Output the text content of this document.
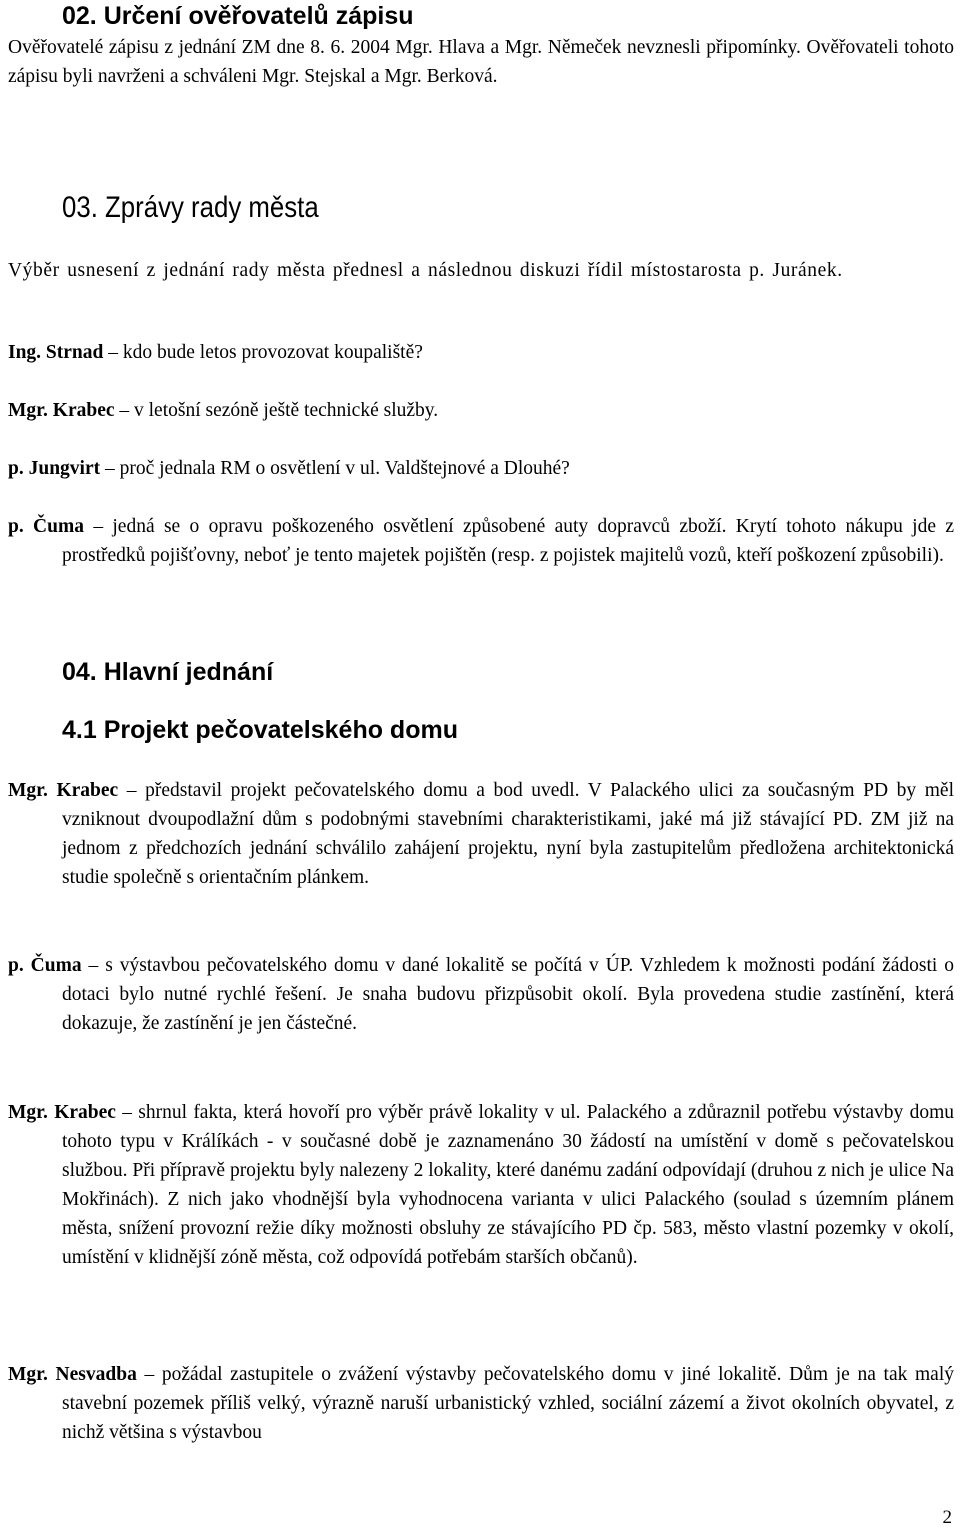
02. Určení ověřovatelů zápisu

Ověřovatelé zápisu z jednání ZM dne 8. 6. 2004 Mgr. Hlava a Mgr. Němeček nevznesli připomínky. Ověřovateli tohoto zápisu byli navrženi a schváleni Mgr. Stejskal a Mgr. Berková.

03. Zprávy rady města

Výběr usnesení z jednání rady města přednesl a následnou diskuzi řídil místostarosta p. Juránek.

Ing. Strnad – kdo bude letos provozovat koupaliště?

Mgr. Krabec – v letošní sezóně ještě technické služby.

p. Jungvirt – proč jednala RM o osvětlení v ul. Valdštejnové a Dlouhé?

p. Čuma – jedná se o opravu poškozeného osvětlení způsobené auty dopravců zboží. Krytí tohoto nákupu jde z prostředků pojišťovny, neboť je tento majetek pojištěn (resp. z pojistek majitelů vozů, kteří poškození způsobili).

04. Hlavní jednání
4.1 Projekt pečovatelského domu

Mgr. Krabec – představil projekt pečovatelského domu a bod uvedl. V Palackého ulici za současným PD by měl vzniknout dvoupodlažní dům s podobnými stavebními charakteristikami, jaké má již stávající PD. ZM již na jednom z předchozích jednání schválilo zahájení projektu, nyní byla zastupitelům předložena architektonická studie společně s orientačním plánkem.

p. Čuma – s výstavbou pečovatelského domu v dané lokalitě se počítá v ÚP. Vzhledem k možnosti podání žádosti o dotaci bylo nutné rychlé řešení. Je snaha budovu přizpůsobit okolí. Byla provedena studie zastínění, která dokazuje, že zastínění je jen částečné.

Mgr. Krabec – shrnul fakta, která hovoří pro výběr právě lokality v ul. Palackého a zdůraznil potřebu výstavby domu tohoto typu v Králíkách - v současné době je zaznamenáno 30 žádostí na umístění v domě s pečovatelskou službou. Při přípravě projektu byly nalezeny 2 lokality, které danému zadání odpovídají (druhou z nich je ulice Na Mokřinách). Z nich jako vhodnější byla vyhodnocena varianta v ulici Palackého (soulad s územním plánem města, snížení provozní režie díky možnosti obsluhy ze stávajícího PD čp. 583, město vlastní pozemky v okolí, umístění v klidnější zóně města, což odpovídá potřebám starších občanů).

Mgr. Nesvadba – požádal zastupitele o zvážení výstavby pečovatelského domu v jiné lokalitě. Dům je na tak malý stavební pozemek příliš velký, výrazně naruší urbanistický vzhled, sociální zázemí a život okolních obyvatel, z nichž většina s výstavbou

2
